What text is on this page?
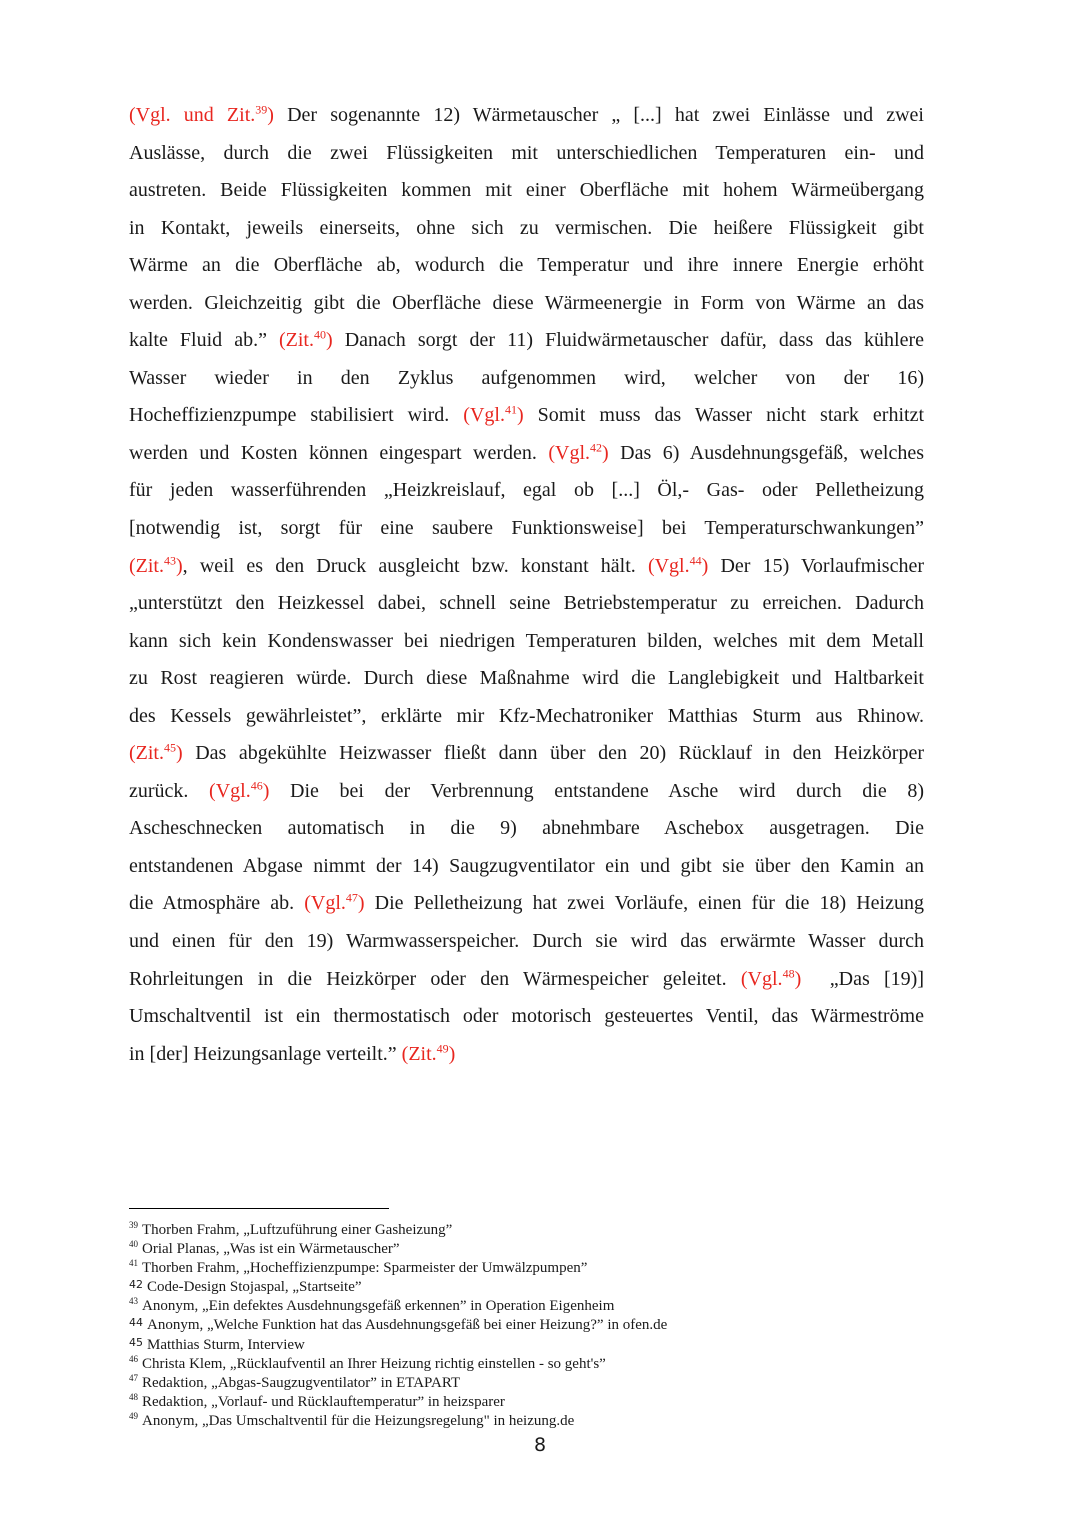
(Vgl. und Zit.$^{39}$) Der sogenannte 12) Wärmetauscher „ [...] hat zwei Einlässe und zwei
Auslässe, durch die zwei Flüssigkeiten mit unterschiedlichen Temperaturen ein- und
austreten. Beide Flüssigkeiten kommen mit einer Oberfläche mit hohem Wärmeübergang
in Kontakt, jeweils einerseits, ohne sich zu vermischen. Die heißere Flüssigkeit gibt
Wärme an die Oberfläche ab, wodurch die Temperatur und ihre innere Energie erhöht
werden. Gleichzeitig gibt die Oberfläche diese Wärmeenergie in Form von Wärme an das
kalte Fluid ab.” (Zit.$^{40}$) Danach sorgt der 11) Fluidwärmetauscher dafür, dass das kühlere
Wasser wieder in den Zyklus aufgenommen wird, welcher von der 16)
Hocheffizienzpumpe stabilisiert wird. (Vgl.$^{41}$) Somit muss das Wasser nicht stark erhitzt
werden und Kosten können eingespart werden. (Vgl.$^{42}$) Das 6) Ausdehnungsgefäß, welches
für jeden wasserführenden „Heizkreislauf, egal ob [...] Öl,- Gas- oder Pelletheizung
[notwendig ist, sorgt für eine saubere Funktionsweise] bei Temperaturschwankungen”
(Zit.$^{43}$), weil es den Druck ausgleicht bzw. konstant hält. (Vgl.$^{44}$) Der 15) Vorlaufmischer
„unterstützt den Heizkessel dabei, schnell seine Betriebstemperatur zu erreichen. Dadurch
kann sich kein Kondenswasser bei niedrigen Temperaturen bilden, welches mit dem Metall
zu Rost reagieren würde. Durch diese Maßnahme wird die Langlebigkeit und Haltbarkeit
des Kessels gewährleistet”, erklärte mir Kfz-Mechatroniker Matthias Sturm aus Rhinow.
(Zit.$^{45}$) Das abgekühlte Heizwasser fließt dann über den 20) Rücklauf in den Heizkörper
zurück. (Vgl.$^{46}$) Die bei der Verbrennung entstandene Asche wird durch die 8)
Ascheschnecken automatisch in die 9) abnehmbare Aschebox ausgetragen. Die
entstandenen Abgase nimmt der 14) Saugzugventilator ein und gibt sie über den Kamin an
die Atmosphäre ab. (Vgl.$^{47}$) Die Pelletheizung hat zwei Vorläufe, einen für die 18) Heizung
und einen für den 19) Warmwasserspeicher. Durch sie wird das erwärmte Wasser durch
Rohrleitungen in die Heizkörper oder den Wärmespeicher geleitet. (Vgl.$^{48}$)  „Das [19)]
Umschaltventil ist ein thermostatisch oder motorisch gesteuertes Ventil, das Wärmeströme
in [der] Heizungsanlage verteilt.” (Zit.$^{49}$)
$^{39}$ Thorben Frahm, „Luftzuführung einer Gasheizung”
$^{40}$ Orial Planas, „Was ist ein Wärmetauscher”
$^{41}$ Thorben Frahm, „Hocheffizienzpumpe: Sparmeister der Umwälzpumpen”
$^{42}$ Code-Design Stojaspal, „Startseite”
$^{43}$ Anonym, „Ein defektes Ausdehnungsgefäß erkennen” in Operation Eigenheim
$^{44}$ Anonym, „Welche Funktion hat das Ausdehnungsgefäß bei einer Heizung?” in ofen.de
$^{45}$ Matthias Sturm, Interview
$^{46}$ Christa Klem, „Rücklaufventil an Ihrer Heizung richtig einstellen - so geht's”
$^{47}$ Redaktion, „Abgas-Saugzugventilator” in ETAPART
$^{48}$ Redaktion, „Vorlauf- und Rücklauftemperatur” in heizsparer
$^{49}$ Anonym, „Das Umschaltventil für die Heizungsregelung" in heizung.de
8
